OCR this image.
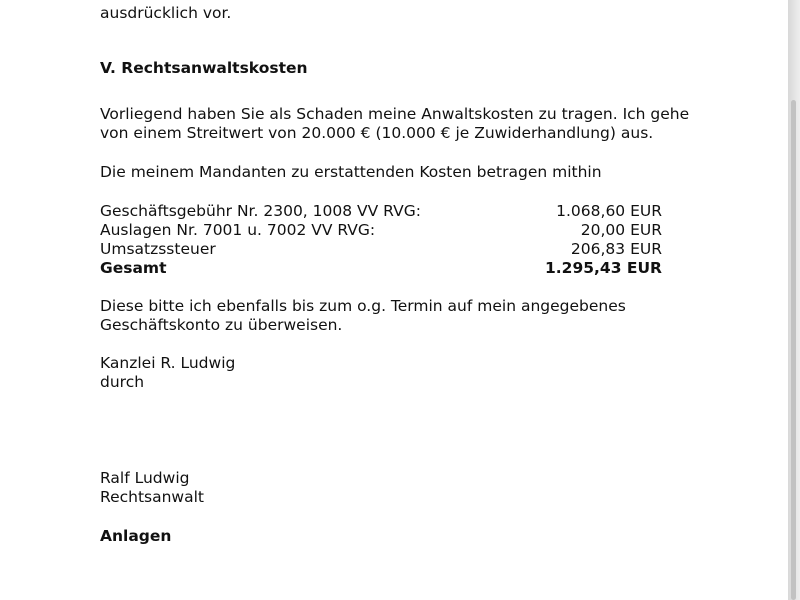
ausdrücklich vor.
V. Rechtsanwaltskosten
Vorliegend haben Sie als Schaden meine Anwaltskosten zu tragen. Ich gehe
von einem Streitwert von 20.000 € (10.000 € je Zuwiderhandlung) aus.
Die meinem Mandanten zu erstattenden Kosten betragen mithin
Geschäftsgebühr Nr. 2300, 1008 VV RVG:	1.068,60 EUR
Auslagen Nr. 7001 u. 7002 VV RVG:	20,00 EUR
Umsatzssteuer	206,83 EUR
Gesamt	1.295,43 EUR
Diese bitte ich ebenfalls bis zum o.g. Termin auf mein angegebenes
Geschäftskonto zu überweisen.
Kanzlei R. Ludwig
durch
Ralf Ludwig
Rechtsanwalt
Anlagen
